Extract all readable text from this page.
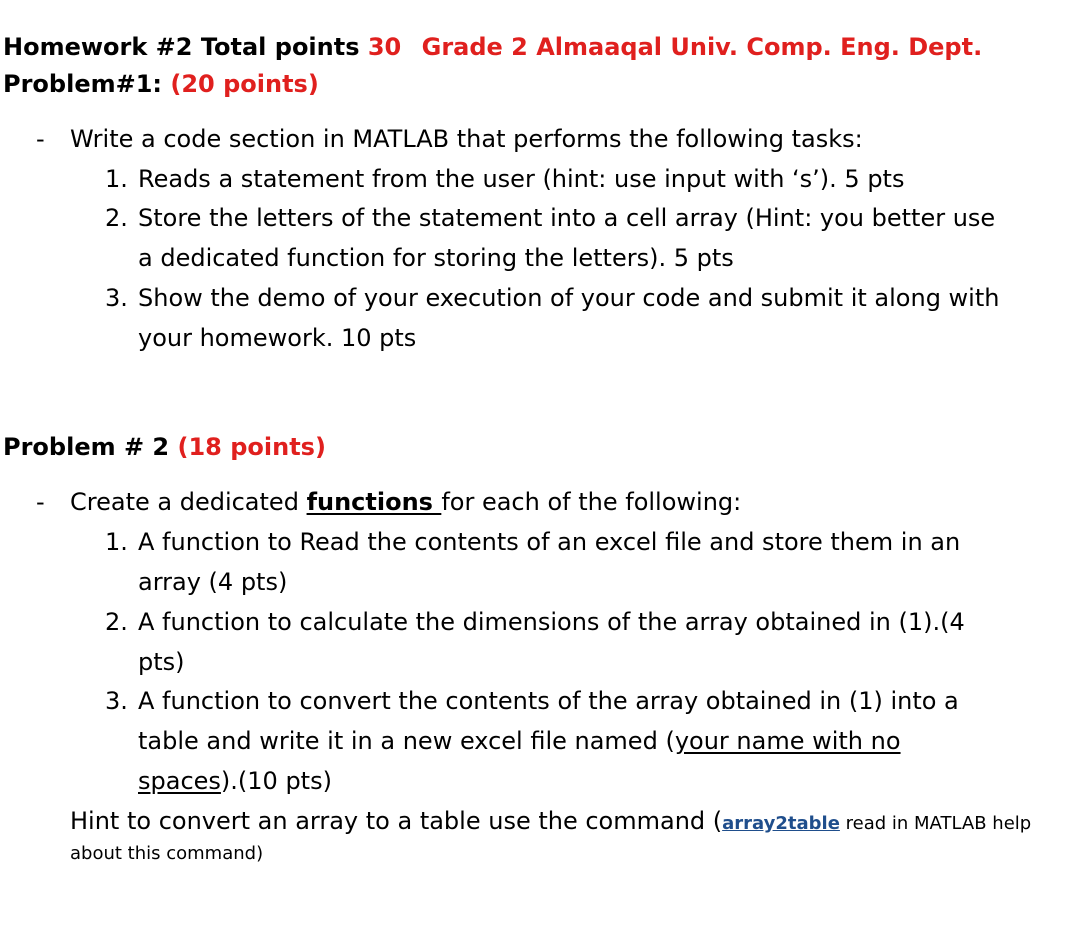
Homework #2 Total points 30 Grade 2 Almaaqal Univ. Comp. Eng. Dept.
Problem#1: (20 points)
- Write a code section in MATLAB that performs the following tasks:
1. Reads a statement from the user (hint: use input with ‘s’). 5 pts
2. Store the letters of the statement into a cell array (Hint: you better use
a dedicated function for storing the letters). 5 pts
3. Show the demo of your execution of your code and submit it along with
your homework. 10 pts
Problem # 2 (18 points)
- Create a dedicated functions for each of the following:
1. A function to Read the contents of an excel file and store them in an
array (4 pts)
2. A function to calculate the dimensions of the array obtained in (1).(4
pts)
3. A function to convert the contents of the array obtained in (1) into a
table and write it in a new excel file named (your name with no
spaces).(10 pts)
Hint to convert an array to a table use the command (array2table read in MATLAB help
about this command)
